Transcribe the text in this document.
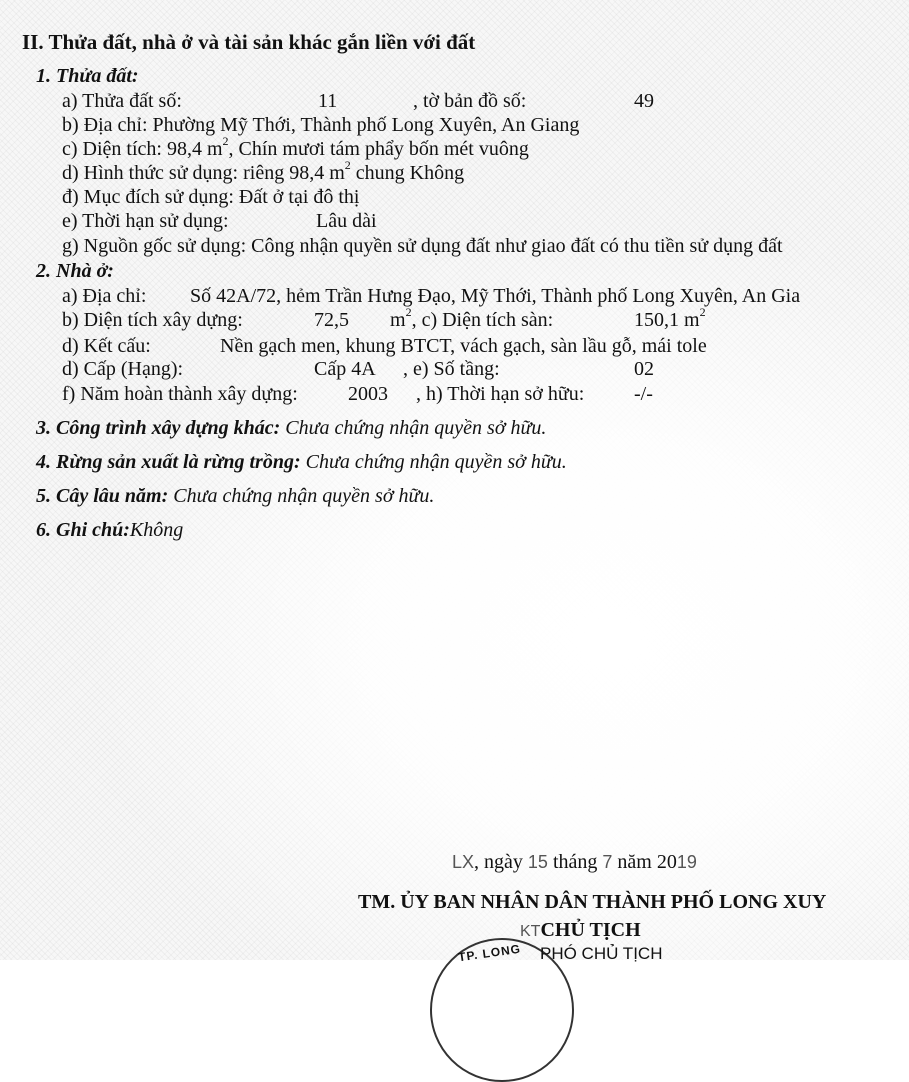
II. Thửa đất, nhà ở và tài sản khác gắn liền với đất
1. Thửa đất:
a) Thửa đất số:	11	, tờ bản đồ số:	49
b) Địa chỉ: Phường Mỹ Thới, Thành phố Long Xuyên, An Giang
c) Diện tích: 98,4 $m^2$, Chín mươi tám phẩy bốn mét vuông
d) Hình thức sử dụng: riêng 98,4 $m^2$ chung Không
đ) Mục đích sử dụng: Đất ở tại đô thị
e) Thời hạn sử dụng:	Lâu dài
g) Nguồn gốc sử dụng: Công nhận quyền sử dụng đất như giao đất có thu tiền sử dụng đất
2. Nhà ở:
a) Địa chỉ: Số 42A/72, hẻm Trần Hưng Đạo, Mỹ Thới, Thành phố Long Xuyên, An Gia
b) Diện tích xây dựng:	72,5 $m^2$, c) Diện tích sàn:	150,1 $m^2$
d) Kết cấu:	Nền gạch men, khung BTCT, vách gạch, sàn lầu gỗ, mái tole
d) Cấp (Hạng):	Cấp 4A , e) Số tầng:	02
f) Năm hoàn thành xây dựng:	2003 , h) Thời hạn sở hữu: -/-
3. Công trình xây dựng khác: Chưa chứng nhận quyền sở hữu.
4. Rừng sản xuất là rừng trồng: Chưa chứng nhận quyền sở hữu.
5. Cây lâu năm: Chưa chứng nhận quyền sở hữu.
6. Ghi chú:Không
LX, ngày 15 tháng 7 năm 2019
TM. ỦY BAN NHÂN DÂN THÀNH PHỐ LONG XUY
KTCHỦ TỊCH
TP. LONG PHÓ CHỦ TỊCH
